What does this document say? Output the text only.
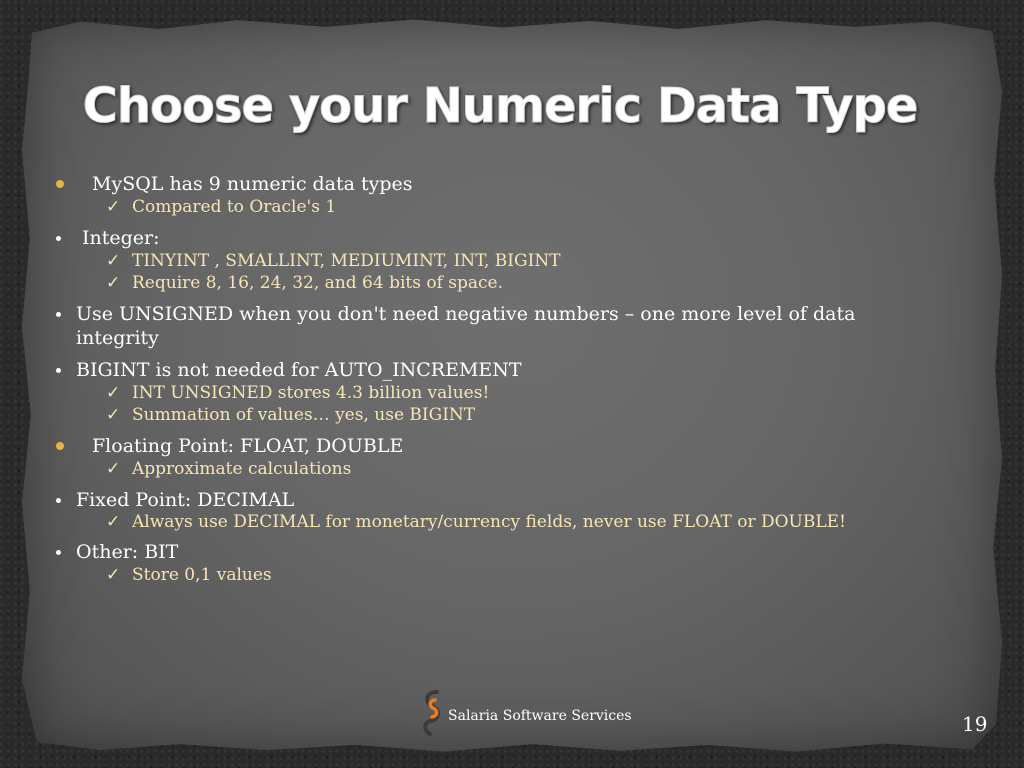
Choose your Numeric Data Type
MySQL has 9 numeric data types
✓ Compared to Oracle's 1
Integer:
✓ TINYINT , SMALLINT, MEDIUMINT, INT, BIGINT
✓ Require 8, 16, 24, 32, and 64 bits of space.
Use UNSIGNED when you don't need negative numbers – one more level of data integrity
BIGINT is not needed for AUTO_INCREMENT
✓ INT UNSIGNED stores 4.3 billion values!
✓ Summation of values… yes, use BIGINT
Floating Point: FLOAT, DOUBLE
✓ Approximate calculations
Fixed Point: DECIMAL
✓ Always use DECIMAL for monetary/currency fields, never use FLOAT or DOUBLE!
Other: BIT
✓ Store 0,1 values
Salaria Software Services	19
